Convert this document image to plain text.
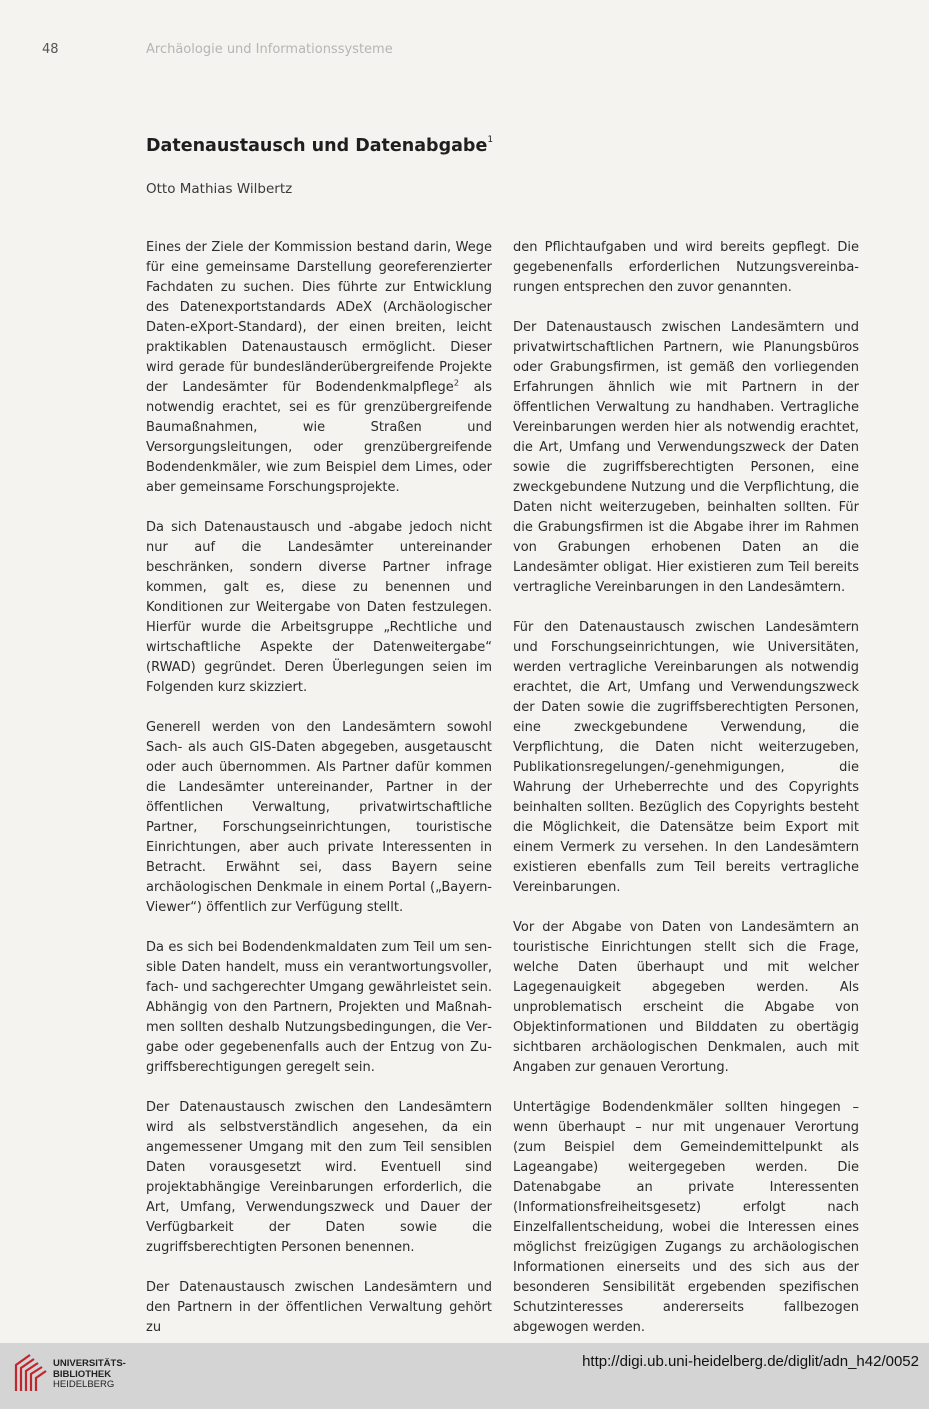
48	Archäologie und Informationssysteme
Datenaustausch und Datenabgabe$^1$
Otto Mathias Wilbertz

Eines der Ziele der Kommission bestand darin, Wege für eine gemeinsame Darstellung georeferenzierter Fachdaten zu suchen. Dies führte zur Entwicklung des Datenexportstandards ADeX (Archäologischer Daten-eXport-Standard), der einen breiten, leicht praktikablen Datenaustausch ermöglicht. Dieser wird gerade für bundesländerübergreifende Projekte der Landesämter für Bodendenkmalpflege$^2$ als notwendig erachtet, sei es für grenzübergreifende Baumaßnahmen, wie Straßen und Versorgungsleitungen, oder grenzübergreifende Bodendenkmäler, wie zum Beispiel dem Limes, oder aber gemeinsame Forschungsprojekte.

Da sich Datenaustausch und -abgabe jedoch nicht nur auf die Landesämter untereinander beschränken, sondern diverse Partner infrage kommen, galt es, diese zu benennen und Konditionen zur Weitergabe von Daten festzulegen. Hierfür wurde die Arbeitsgruppe „Rechtliche und wirtschaftliche Aspekte der Datenweitergabe“ (RWAD) gegründet. Deren Überlegungen seien im Folgenden kurz skizziert.

Generell werden von den Landesämtern sowohl Sach- als auch GIS-Daten abgegeben, ausgetauscht oder auch übernommen. Als Partner dafür kommen die Landesämter untereinander, Partner in der öffentlichen Verwaltung, privatwirtschaftliche Partner, Forschungseinrichtungen, touristische Einrichtungen, aber auch private Interessenten in Betracht. Erwähnt sei, dass Bayern seine archäologischen Denkmale in einem Portal („Bayern-Viewer“) öffentlich zur Verfügung stellt.

Da es sich bei Bodendenkmaldaten zum Teil um sensible Daten handelt, muss ein verantwortungsvoller, fach- und sachgerechter Umgang gewährleistet sein. Abhängig von den Partnern, Projekten und Maßnahmen sollten deshalb Nutzungsbedingungen, die Vergabe oder gegebenenfalls auch der Entzug von Zugriffsberechtigungen geregelt sein.

Der Datenaustausch zwischen den Landesämtern wird als selbstverständlich angesehen, da ein angemessener Umgang mit den zum Teil sensiblen Daten vorausgesetzt wird. Eventuell sind projektabhängige Vereinbarungen erforderlich, die Art, Umfang, Verwendungszweck und Dauer der Verfügbarkeit der Daten sowie die zugriffsberechtigten Personen benennen.

Der Datenaustausch zwischen Landesämtern und den Partnern in der öffentlichen Verwaltung gehört zu

den Pflichtaufgaben und wird bereits gepflegt. Die gegebenenfalls erforderlichen Nutzungsvereinbarungen entsprechen den zuvor genannten.

Der Datenaustausch zwischen Landesämtern und privatwirtschaftlichen Partnern, wie Planungsbüros oder Grabungsfirmen, ist gemäß den vorliegenden Erfahrungen ähnlich wie mit Partnern in der öffentlichen Verwaltung zu handhaben. Vertragliche Vereinbarungen werden hier als notwendig erachtet, die Art, Umfang und Verwendungszweck der Daten sowie die zugriffsberechtigten Personen, eine zweckgebundene Nutzung und die Verpflichtung, die Daten nicht weiterzugeben, beinhalten sollten. Für die Grabungsfirmen ist die Abgabe ihrer im Rahmen von Grabungen erhobenen Daten an die Landesämter obligat. Hier existieren zum Teil bereits vertragliche Vereinbarungen in den Landesämtern.

Für den Datenaustausch zwischen Landesämtern und Forschungseinrichtungen, wie Universitäten, werden vertragliche Vereinbarungen als notwendig erachtet, die Art, Umfang und Verwendungszweck der Daten sowie die zugriffsberechtigten Personen, eine zweckgebundene Verwendung, die Verpflichtung, die Daten nicht weiterzugeben, Publikationsregelungen/-genehmigungen, die Wahrung der Urheberrechte und des Copyrights beinhalten sollten. Bezüglich des Copyrights besteht die Möglichkeit, die Datensätze beim Export mit einem Vermerk zu versehen. In den Landesämtern existieren ebenfalls zum Teil bereits vertragliche Vereinbarungen.

Vor der Abgabe von Daten von Landesämtern an touristische Einrichtungen stellt sich die Frage, welche Daten überhaupt und mit welcher Lagegenauigkeit abgegeben werden. Als unproblematisch erscheint die Abgabe von Objektinformationen und Bilddaten zu obertägig sichtbaren archäologischen Denkmalen, auch mit Angaben zur genauen Verortung.

Untertägige Bodendenkmäler sollten hingegen – wenn überhaupt – nur mit ungenauer Verortung (zum Beispiel dem Gemeindemittelpunkt als Lageangabe) weitergegeben werden. Die Datenabgabe an private Interessenten (Informationsfreiheitsgesetz) erfolgt nach Einzelfallentscheidung, wobei die Interessen eines möglichst freizügigen Zugangs zu archäologischen Informationen einerseits und des sich aus der besonderen Sensibilität ergebenden spezifischen Schutzinteresses andererseits fallbezogen abgewogen werden.

UNIVERSITÄTS-
BIBLIOTHEK
HEIDELBERG
http://digi.ub.uni-heidelberg.de/diglit/adn_h42/0052
